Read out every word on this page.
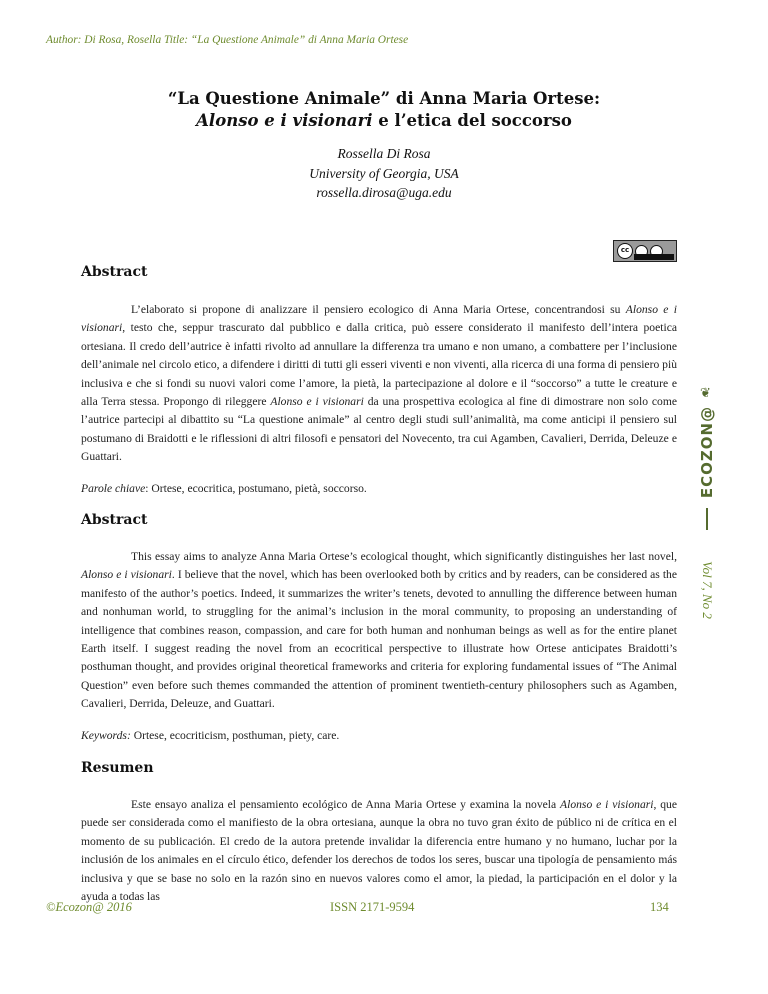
Author: Di Rosa, Rosella Title: “La Questione Animale” di Anna Maria Ortese
“La Questione Animale” di Anna Maria Ortese:
Alonso e i visionari e l’etica del soccorso
Rossella Di Rosa
University of Georgia, USA
rossella.dirosa@uga.edu
cc
Abstract
L’elaborato si propone di analizzare il pensiero ecologico di Anna Maria Ortese, concentrandosi su Alonso e i visionari, testo che, seppur trascurato dal pubblico e dalla critica, può essere considerato il manifesto dell’intera poetica ortesiana. Il credo dell’autrice è infatti rivolto ad annullare la differenza tra umano e non umano, a combattere per l’inclusione dell’animale nel circolo etico, a difendere i diritti di tutti gli esseri viventi e non viventi, alla ricerca di una forma di pensiero più inclusiva e che si fondi su nuovi valori come l’amore, la pietà, la partecipazione al dolore e il “soccorso” a tutte le creature e alla Terra stessa. Propongo di rileggere Alonso e i visionari da una prospettiva ecologica al fine di dimostrare non solo come l’autrice partecipi al dibattito su “La questione animale” al centro degli studi sull’animalità, ma come anticipi il pensiero sul postumano di Braidotti e le riflessioni di altri filosofi e pensatori del Novecento, tra cui Agamben, Cavalieri, Derrida, Deleuze e Guattari.
Parole chiave: Ortese, ecocritica, postumano, pietà, soccorso.
Abstract
This essay aims to analyze Anna Maria Ortese’s ecological thought, which significantly distinguishes her last novel, Alonso e i visionari. I believe that the novel, which has been overlooked both by critics and by readers, can be considered as the manifesto of the author’s poetics. Indeed, it summarizes the writer’s tenets, devoted to annulling the difference between human and nonhuman world, to struggling for the animal’s inclusion in the moral community, to proposing an understanding of intelligence that combines reason, compassion, and care for both human and nonhuman beings as well as for the entire planet Earth itself. I suggest reading the novel from an ecocritical perspective to illustrate how Ortese anticipates Braidotti’s posthuman thought, and provides original theoretical frameworks and criteria for exploring fundamental issues of “The Animal Question” even before such themes commanded the attention of prominent twentieth-century philosophers such as Agamben, Cavalieri, Derrida, Deleuze, and Guattari.
Keywords: Ortese, ecocriticism, posthuman, piety, care.
Resumen
Este ensayo analiza el pensamiento ecológico de Anna Maria Ortese y examina la novela Alonso e i visionari, que puede ser considerada como el manifiesto de la obra ortesiana, aunque la obra no tuvo gran éxito de público ni de crítica en el momento de su publicación. El credo de la autora pretende invalidar la diferencia entre humano y no humano, luchar por la inclusión de los animales en el círculo ético, defender los derechos de todos los seres, buscar una tipología de pensamiento más inclusiva y que se base no solo en la razón sino en nuevos valores como el amor, la piedad, la participación en el dolor y la ayuda a todas las
❦
ECOZON@
Vol 7, No 2
©Ecozon@ 2016	ISSN 2171-9594	134
